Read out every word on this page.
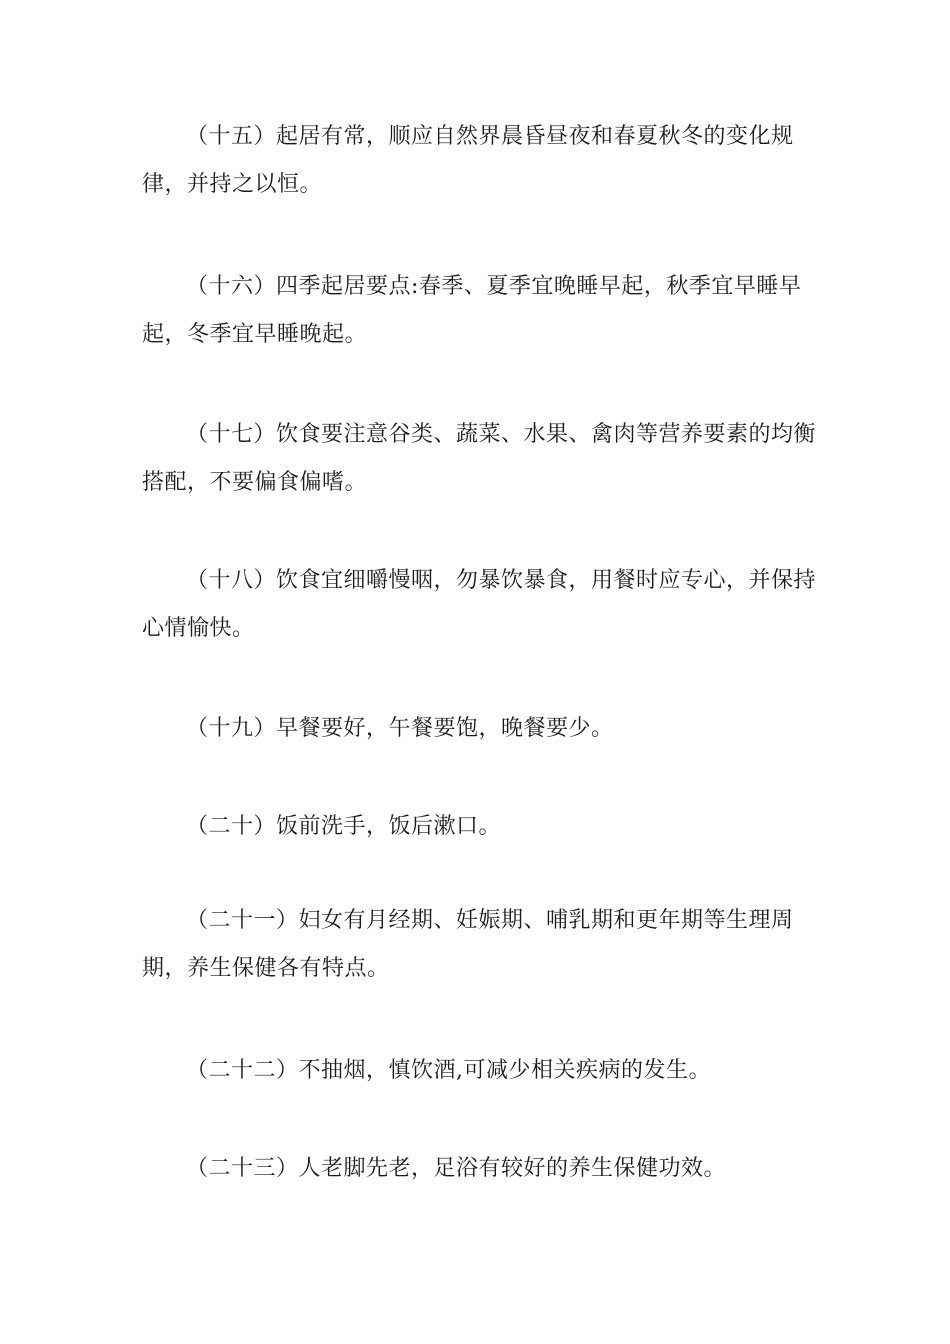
（十五）起居有常，顺应自然界晨昏昼夜和春夏秋冬的变化规律，并持之以恒。

（十六）四季起居要点:春季、夏季宜晚睡早起，秋季宜早睡早起，冬季宜早睡晚起。

（十七）饮食要注意谷类、蔬菜、水果、禽肉等营养要素的均衡搭配，不要偏食偏嗜。

（十八）饮食宜细嚼慢咽，勿暴饮暴食，用餐时应专心，并保持心情愉快。

（十九）早餐要好，午餐要饱，晚餐要少。

（二十）饭前洗手，饭后漱口。

（二十一）妇女有月经期、妊娠期、哺乳期和更年期等生理周期，养生保健各有特点。

（二十二）不抽烟，慎饮酒,可减少相关疾病的发生。

（二十三）人老脚先老，足浴有较好的养生保健功效。
